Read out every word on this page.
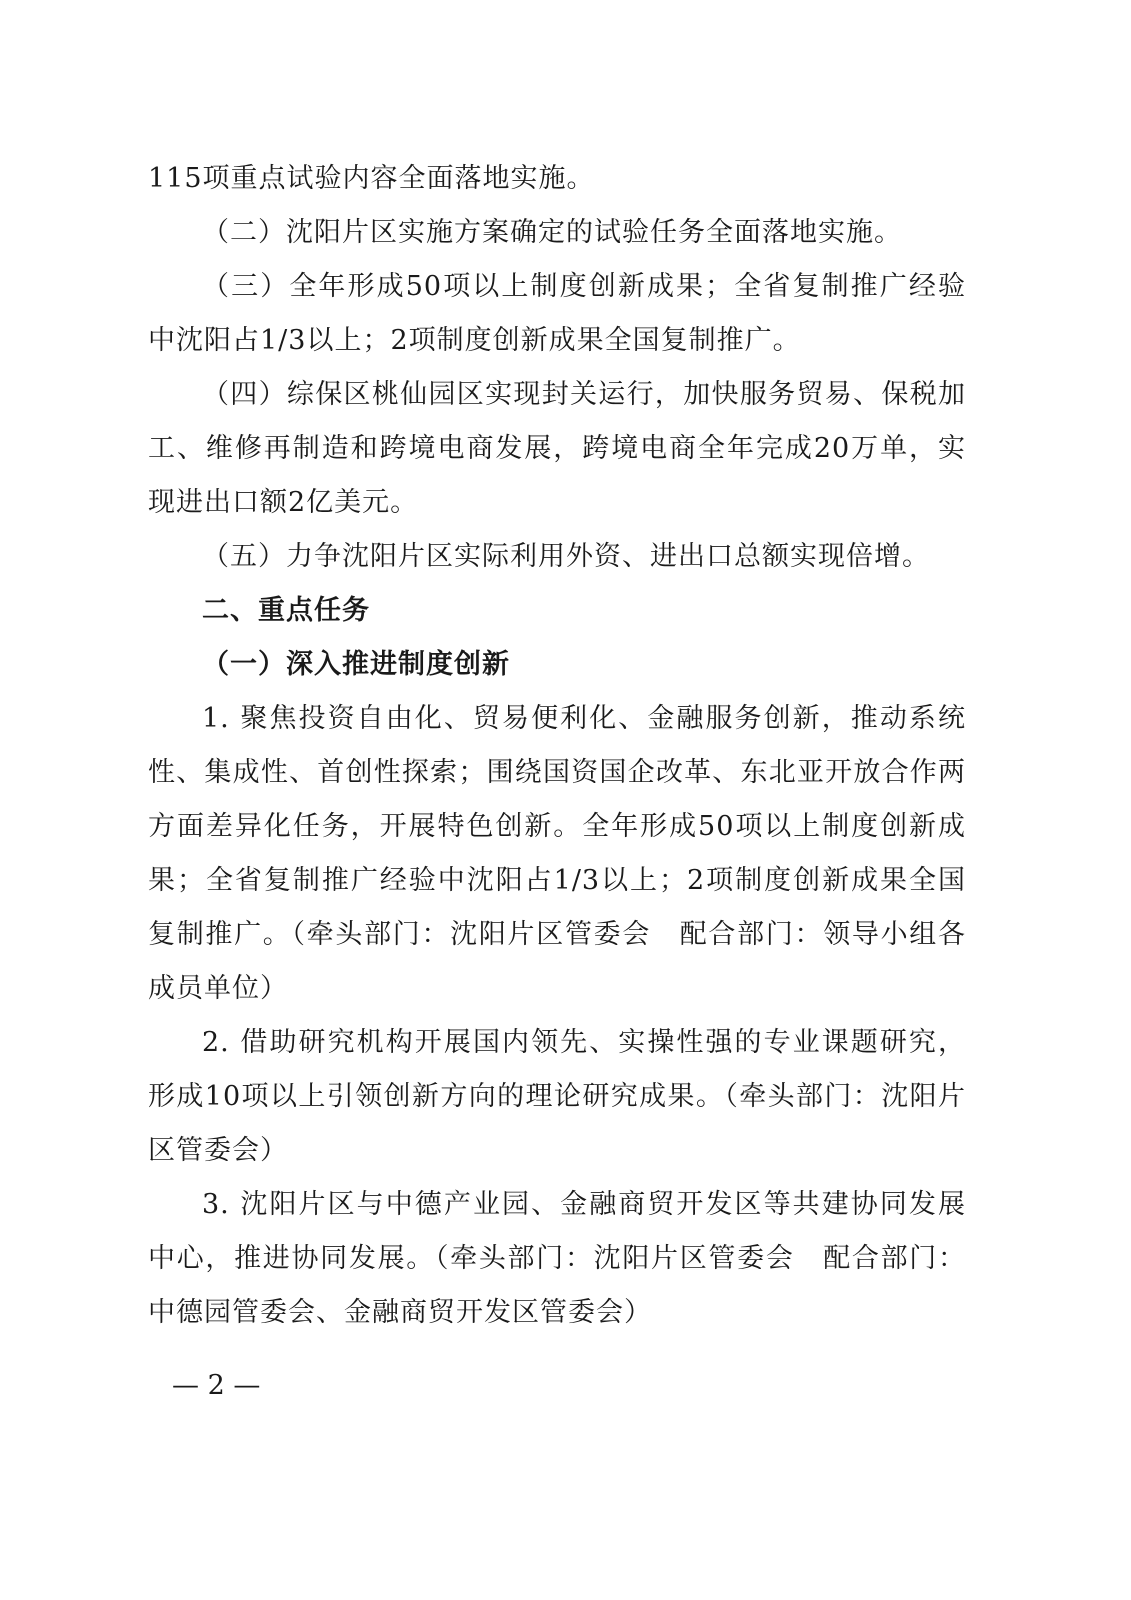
115项重点试验内容全面落地实施。

（二）沈阳片区实施方案确定的试验任务全面落地实施。

（三）全年形成50项以上制度创新成果；全省复制推广经验中沈阳占1/3以上；2项制度创新成果全国复制推广。

（四）综保区桃仙园区实现封关运行，加快服务贸易、保税加工、维修再制造和跨境电商发展，跨境电商全年完成20万单，实现进出口额2亿美元。

（五）力争沈阳片区实际利用外资、进出口总额实现倍增。

二、重点任务

（一）深入推进制度创新

1. 聚焦投资自由化、贸易便利化、金融服务创新，推动系统性、集成性、首创性探索；围绕国资国企改革、东北亚开放合作两方面差异化任务，开展特色创新。全年形成50项以上制度创新成果；全省复制推广经验中沈阳占1/3以上；2项制度创新成果全国复制推广。（牵头部门：沈阳片区管委会　配合部门：领导小组各成员单位）

2. 借助研究机构开展国内领先、实操性强的专业课题研究，形成10项以上引领创新方向的理论研究成果。（牵头部门：沈阳片区管委会）

3. 沈阳片区与中德产业园、金融商贸开发区等共建协同发展中心，推进协同发展。（牵头部门：沈阳片区管委会　配合部门：中德园管委会、金融商贸开发区管委会）

— 2 —
